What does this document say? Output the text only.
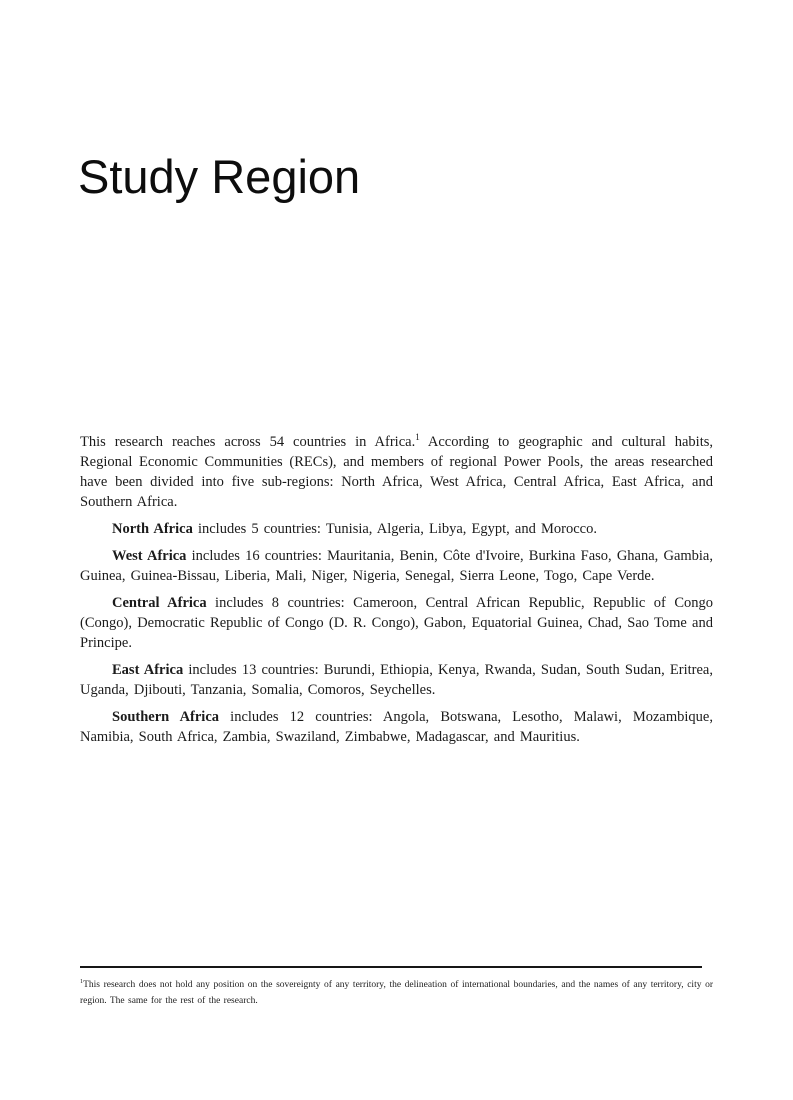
Study Region

This research reaches across 54 countries in Africa.$^1$ According to geographic and cultural habits, Regional Economic Communities (RECs), and members of regional Power Pools, the areas researched have been divided into five sub-regions: North Africa, West Africa, Central Africa, East Africa, and Southern Africa.

North Africa includes 5 countries: Tunisia, Algeria, Libya, Egypt, and Morocco.

West Africa includes 16 countries: Mauritania, Benin, Côte d'Ivoire, Burkina Faso, Ghana, Gambia, Guinea, Guinea-Bissau, Liberia, Mali, Niger, Nigeria, Senegal, Sierra Leone, Togo, Cape Verde.

Central Africa includes 8 countries: Cameroon, Central African Republic, Republic of Congo (Congo), Democratic Republic of Congo (D. R. Congo), Gabon, Equatorial Guinea, Chad, Sao Tome and Principe.

East Africa includes 13 countries: Burundi, Ethiopia, Kenya, Rwanda, Sudan, South Sudan, Eritrea, Uganda, Djibouti, Tanzania, Somalia, Comoros, Seychelles.

Southern Africa includes 12 countries: Angola, Botswana, Lesotho, Malawi, Mozambique, Namibia, South Africa, Zambia, Swaziland, Zimbabwe, Madagascar, and Mauritius.

$^1$This research does not hold any position on the sovereignty of any territory, the delineation of international boundaries, and the names of any territory, city or region. The same for the rest of the research.
